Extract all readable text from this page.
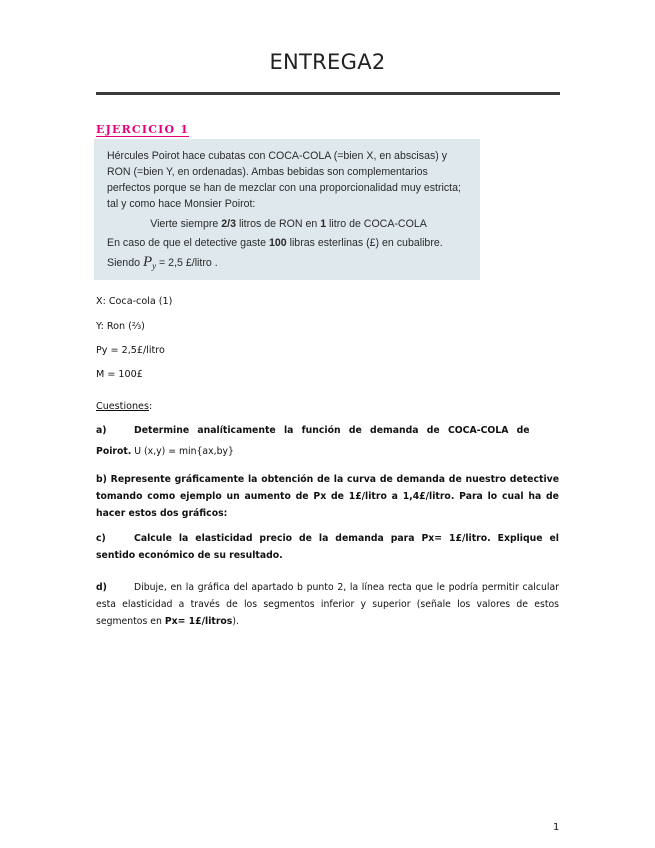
ENTREGA2
EJERCICIO 1

Hércules Poirot hace cubatas con COCA-COLA (=bien X, en abscisas) y RON (=bien Y, en ordenadas). Ambas bebidas son complementarios perfectos porque se han de mezclar con una proporcionalidad muy estricta; tal y como hace Monsier Poirot:

Vierte siempre 2/3 litros de RON en 1 litro de COCA-COLA

En caso de que el detective gaste 100 libras esterlinas (£) en cubalibre.

Siendo $P_y = 2,5$ £/litro .

X: Coca-cola (1)
Y: Ron (⅔)
Py = 2,5£/litro
M = 100£
Cuestiones:
a)	Determine analíticamente la función de demanda de COCA-COLA de
Poirot. U (x,y) = min{ax,by}
b) Represente gráficamente la obtención de la curva de demanda de nuestro detective tomando como ejemplo un aumento de Px de 1£/litro a 1,4£/litro. Para lo cual ha de hacer estos dos gráficos:
c)	Calcule la elasticidad precio de la demanda para Px= 1£/litro. Explique el sentido económico de su resultado.
d)	Dibuje, en la gráfica del apartado b punto 2, la línea recta que le podría permitir calcular esta elasticidad a través de los segmentos inferior y superior (señale los valores de estos segmentos en Px= 1£/litros).
1
